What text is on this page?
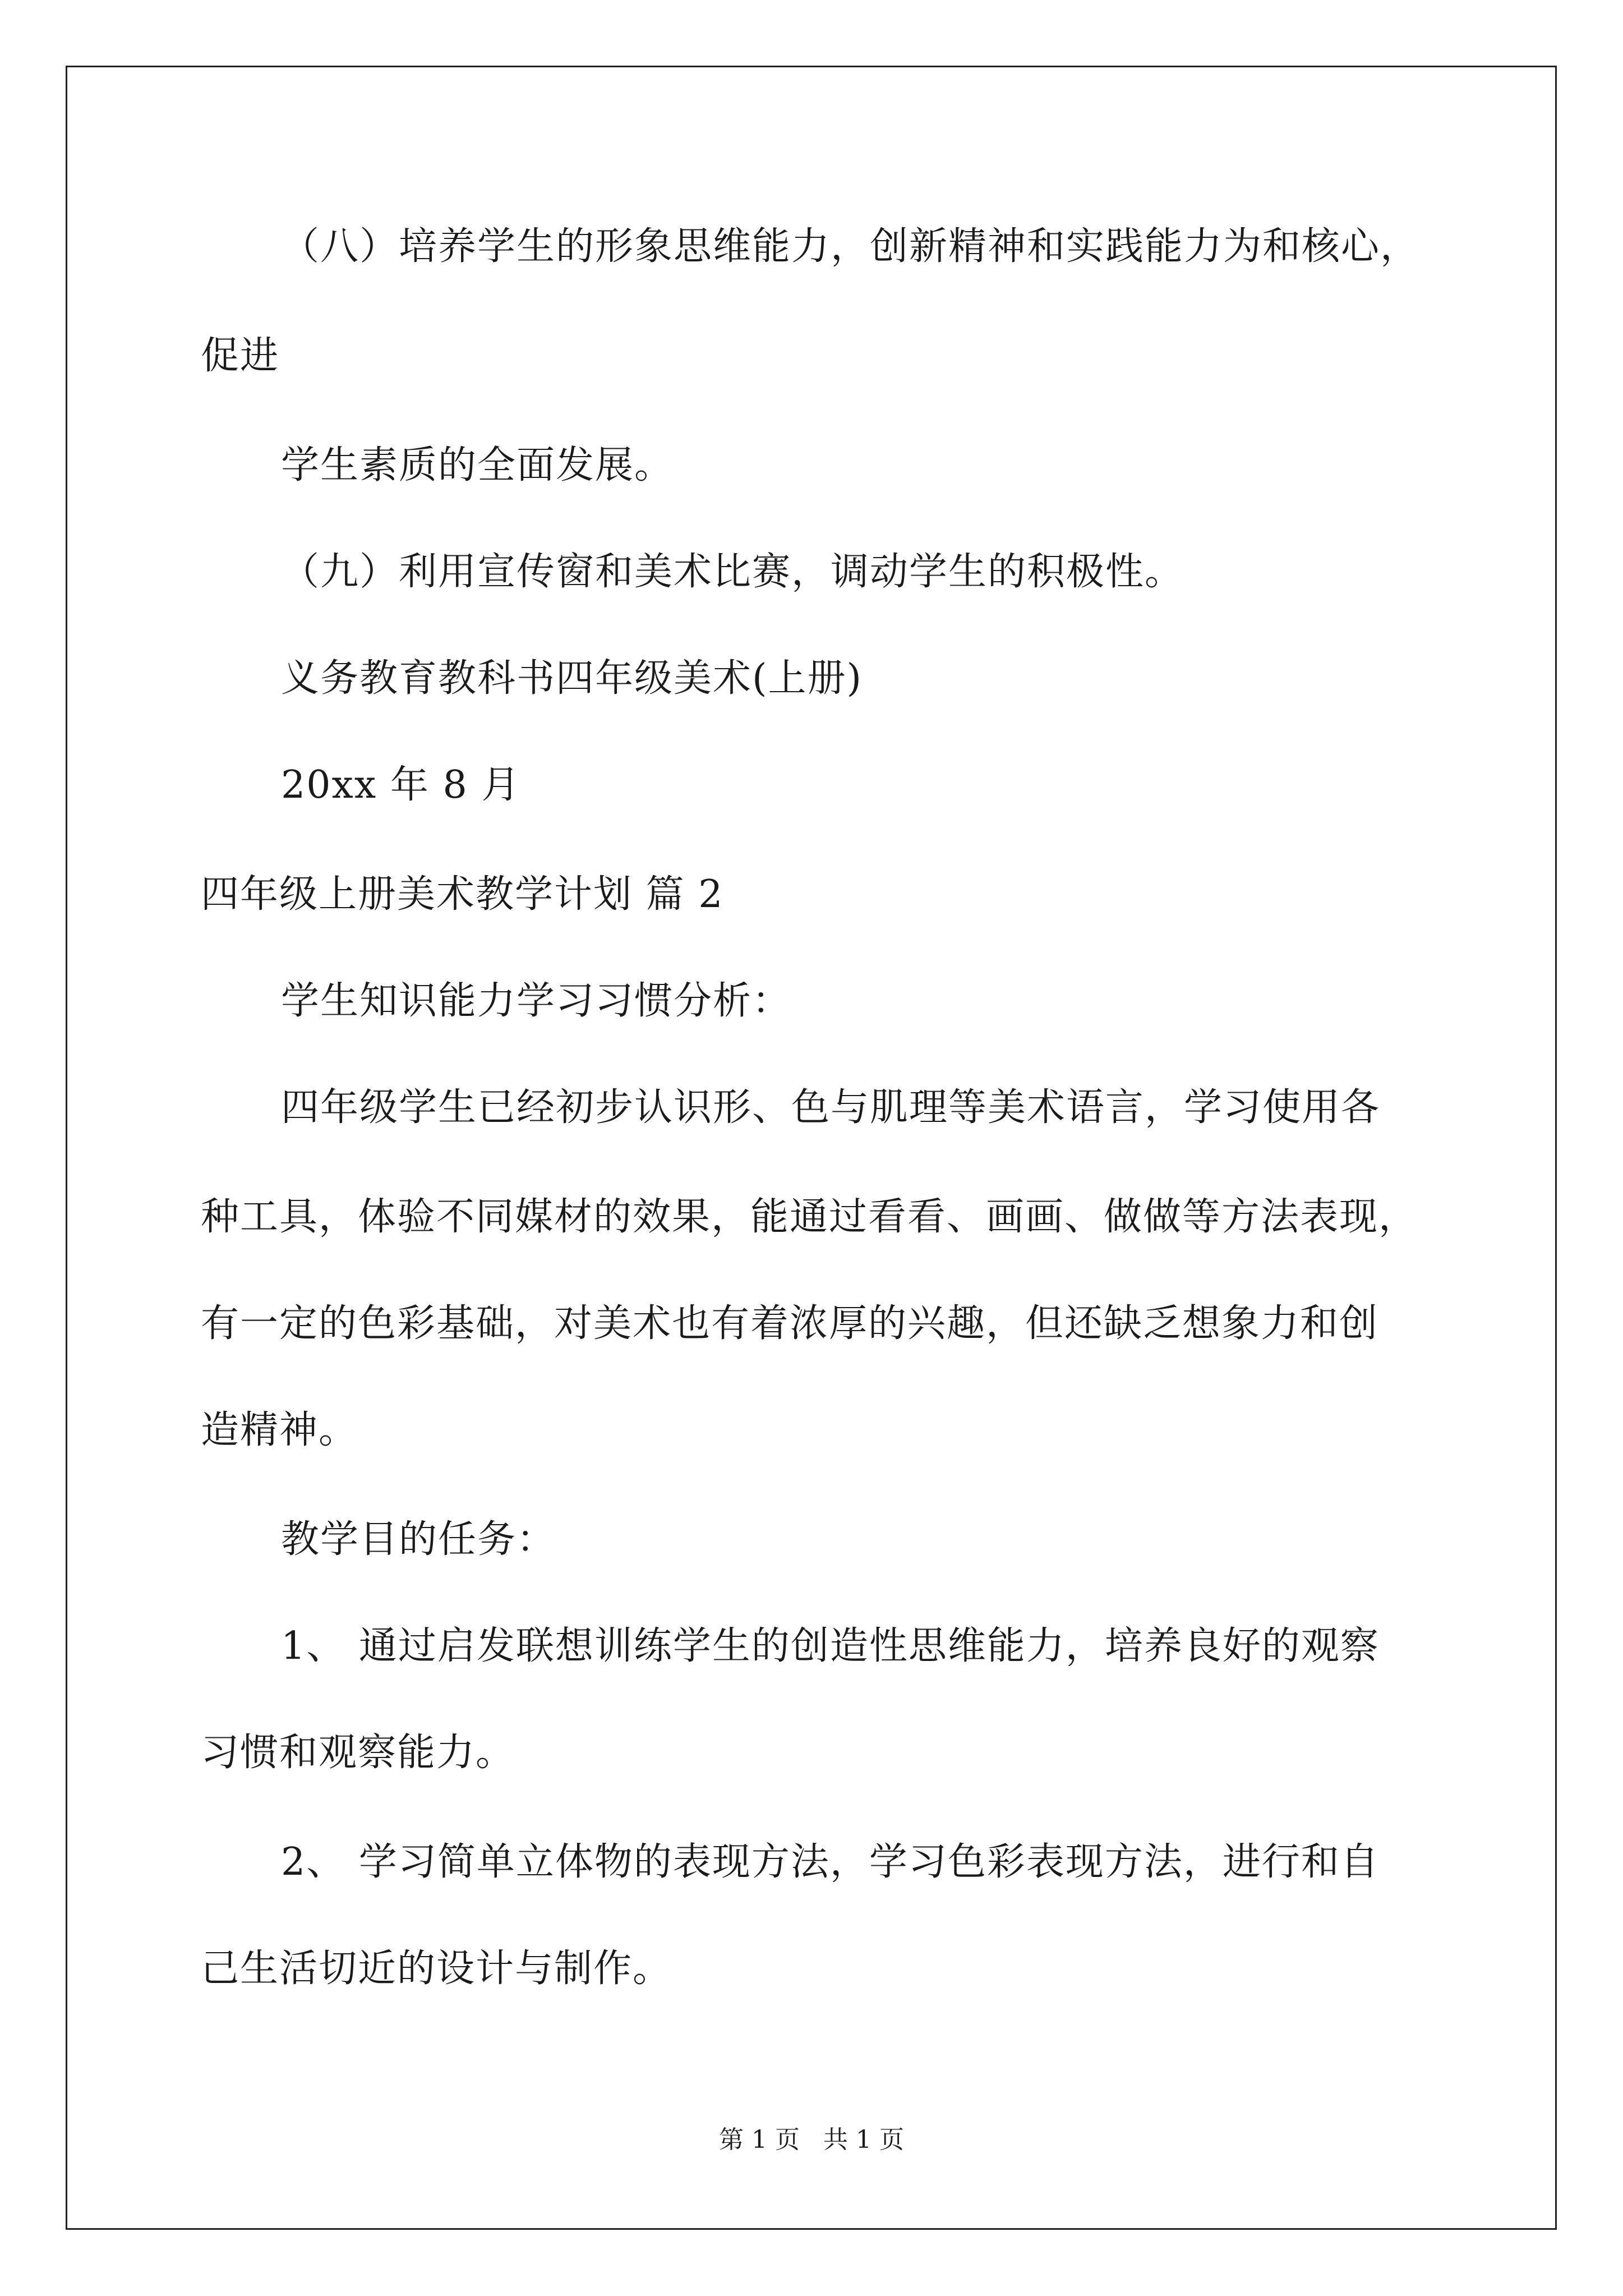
（八）培养学生的形象思维能力，创新精神和实践能力为和核心，
促进
学生素质的全面发展。
（九）利用宣传窗和美术比赛，调动学生的积极性。
义务教育教科书四年级美术(上册)
20xx 年 8 月
四年级上册美术教学计划 篇 2
学生知识能力学习习惯分析：
四年级学生已经初步认识形、色与肌理等美术语言，学习使用各
种工具，体验不同媒材的效果，能通过看看、画画、做做等方法表现，
有一定的色彩基础，对美术也有着浓厚的兴趣，但还缺乏想象力和创
造精神。
教学目的任务：
1、 通过启发联想训练学生的创造性思维能力，培养良好的观察
习惯和观察能力。
2、 学习简单立体物的表现方法，学习色彩表现方法，进行和自
己生活切近的设计与制作。
第 1 页   共 1 页
